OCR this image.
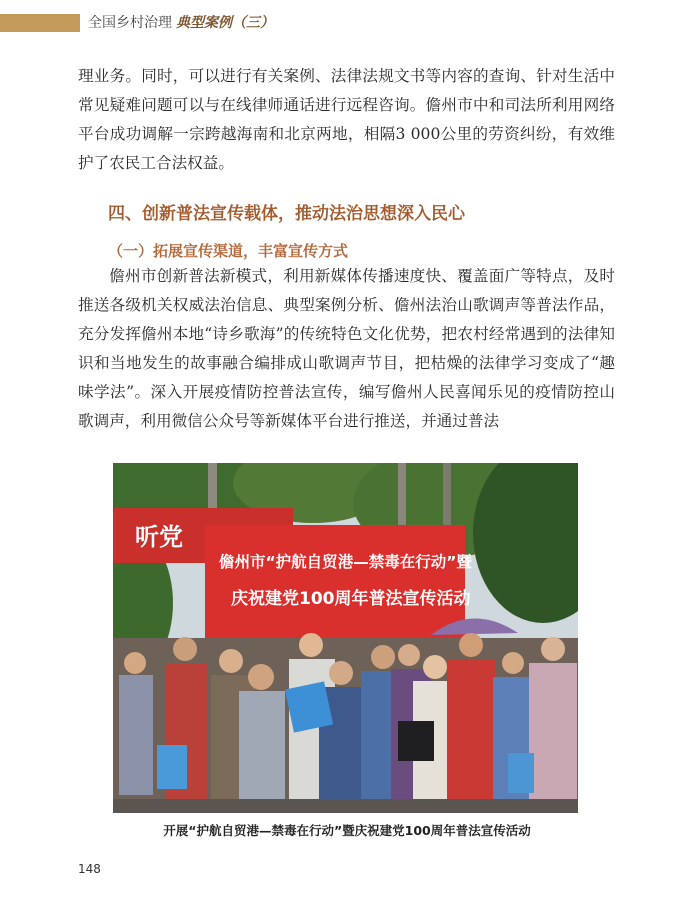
全国乡村治理 典型案例（三）

理业务。同时，可以进行有关案例、法律法规文书等内容的查询、针对生活中常见疑难问题可以与在线律师通话进行远程咨询。儋州市中和司法所利用网络平台成功调解一宗跨越海南和北京两地，相隔3 000公里的劳资纠纷，有效维护了农民工合法权益。

四、创新普法宣传载体，推动法治思想深入民心
（一）拓展宣传渠道，丰富宣传方式

儋州市创新普法新模式，利用新媒体传播速度快、覆盖面广等特点，及时推送各级机关权威法治信息、典型案例分析、儋州法治山歌调声等普法作品，充分发挥儋州本地“诗乡歌海”的传统特色文化优势，把农村经常遇到的法律知识和当地发生的故事融合编排成山歌调声节目，把枯燥的法律学习变成了“趣味学法”。深入开展疫情防控普法宣传，编写儋州人民喜闻乐见的疫情防控山歌调声，利用微信公众号等新媒体平台进行推送，并通过普法

听党
儋州市“护航自贸港—禁毒在行动”暨
庆祝建党100周年普法宣传活动
开展“护航自贸港—禁毒在行动”暨庆祝建党100周年普法宣传活动
148
